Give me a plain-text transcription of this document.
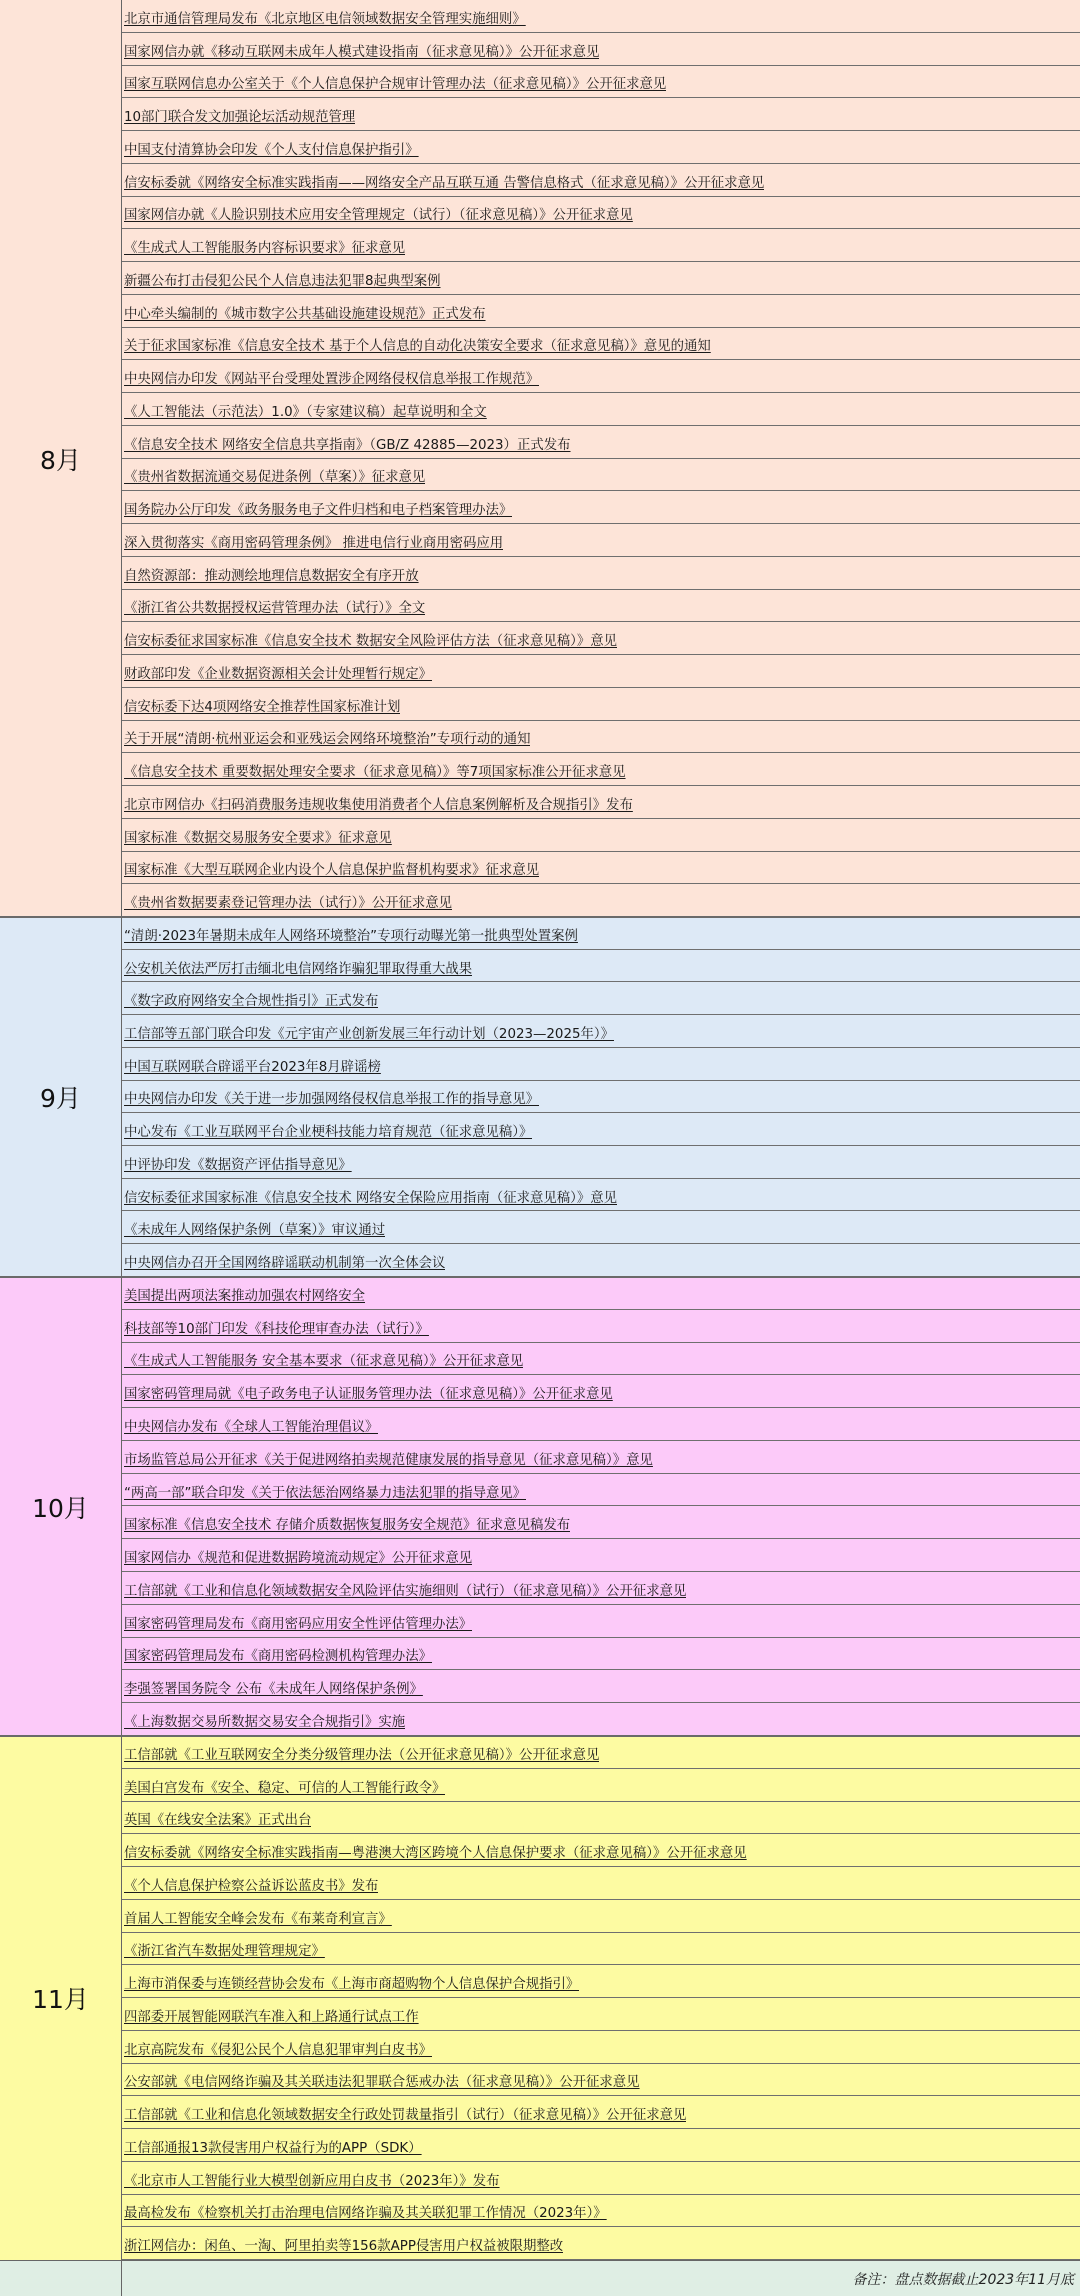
8月
北京市通信管理局发布《北京地区电信领域数据安全管理实施细则》
国家网信办就《移动互联网未成年人模式建设指南（征求意见稿）》公开征求意见
国家互联网信息办公室关于《个人信息保护合规审计管理办法（征求意见稿）》公开征求意见
10部门联合发文加强论坛活动规范管理
中国支付清算协会印发《个人支付信息保护指引》
信安标委就《网络安全标准实践指南——网络安全产品互联互通 告警信息格式（征求意见稿）》公开征求意见
国家网信办就《人脸识别技术应用安全管理规定（试行）（征求意见稿）》公开征求意见
《生成式人工智能服务内容标识要求》征求意见
新疆公布打击侵犯公民个人信息违法犯罪8起典型案例
中心牵头编制的《城市数字公共基础设施建设规范》正式发布
关于征求国家标准《信息安全技术 基于个人信息的自动化决策安全要求（征求意见稿）》意见的通知
中央网信办印发《网站平台受理处置涉企网络侵权信息举报工作规范》
《人工智能法（示范法）1.0》（专家建议稿）起草说明和全文
《信息安全技术 网络安全信息共享指南》（GB/Z 42885—2023）正式发布
《贵州省数据流通交易促进条例（草案）》征求意见
国务院办公厅印发《政务服务电子文件归档和电子档案管理办法》
深入贯彻落实《商用密码管理条例》 推进电信行业商用密码应用
自然资源部：推动测绘地理信息数据安全有序开放
《浙江省公共数据授权运营管理办法（试行）》全文
信安标委征求国家标准《信息安全技术 数据安全风险评估方法（征求意见稿）》意见
财政部印发《企业数据资源相关会计处理暂行规定》
信安标委下达4项网络安全推荐性国家标准计划
关于开展“清朗·杭州亚运会和亚残运会网络环境整治”专项行动的通知
《信息安全技术 重要数据处理安全要求（征求意见稿）》等7项国家标准公开征求意见
北京市网信办《扫码消费服务违规收集使用消费者个人信息案例解析及合规指引》发布
国家标准《数据交易服务安全要求》征求意见
国家标准《大型互联网企业内设个人信息保护监督机构要求》征求意见
《贵州省数据要素登记管理办法（试行）》公开征求意见
9月
“清朗·2023年暑期未成年人网络环境整治”专项行动曝光第一批典型处置案例
公安机关依法严厉打击缅北电信网络诈骗犯罪取得重大战果
《数字政府网络安全合规性指引》正式发布
工信部等五部门联合印发《元宇宙产业创新发展三年行动计划（2023—2025年）》
中国互联网联合辟谣平台2023年8月辟谣榜
中央网信办印发《关于进一步加强网络侵权信息举报工作的指导意见》
中心发布《工业互联网平台企业梗科技能力培育规范（征求意见稿）》
中评协印发《数据资产评估指导意见》
信安标委征求国家标准《信息安全技术 网络安全保险应用指南（征求意见稿）》意见
《未成年人网络保护条例（草案）》审议通过
中央网信办召开全国网络辟谣联动机制第一次全体会议
10月
美国提出两项法案推动加强农村网络安全
科技部等10部门印发《科技伦理审查办法（试行）》
《生成式人工智能服务 安全基本要求（征求意见稿）》公开征求意见
国家密码管理局就《电子政务电子认证服务管理办法（征求意见稿）》公开征求意见
中央网信办发布《全球人工智能治理倡议》
市场监管总局公开征求《关于促进网络拍卖规范健康发展的指导意见（征求意见稿）》意见
“两高一部”联合印发《关于依法惩治网络暴力违法犯罪的指导意见》
国家标准《信息安全技术 存储介质数据恢复服务安全规范》征求意见稿发布
国家网信办《规范和促进数据跨境流动规定》公开征求意见
工信部就《工业和信息化领域数据安全风险评估实施细则（试行）（征求意见稿）》公开征求意见
国家密码管理局发布《商用密码应用安全性评估管理办法》
国家密码管理局发布《商用密码检测机构管理办法》
李强签署国务院令 公布《未成年人网络保护条例》
《上海数据交易所数据交易安全合规指引》实施
11月
工信部就《工业互联网安全分类分级管理办法（公开征求意见稿）》公开征求意见
美国白宫发布《安全、稳定、可信的人工智能行政令》
英国《在线安全法案》正式出台
信安标委就《网络安全标准实践指南—粤港澳大湾区跨境个人信息保护要求（征求意见稿）》公开征求意见
《个人信息保护检察公益诉讼蓝皮书》发布
首届人工智能安全峰会发布《布莱奇利宣言》
《浙江省汽车数据处理管理规定》
上海市消保委与连锁经营协会发布《上海市商超购物个人信息保护合规指引》
四部委开展智能网联汽车准入和上路通行试点工作
北京高院发布《侵犯公民个人信息犯罪审判白皮书》
公安部就《电信网络诈骗及其关联违法犯罪联合惩戒办法（征求意见稿）》公开征求意见
工信部就《工业和信息化领域数据安全行政处罚裁量指引（试行）（征求意见稿）》公开征求意见
工信部通报13款侵害用户权益行为的APP（SDK）
《北京市人工智能行业大模型创新应用白皮书（2023年）》发布
最高检发布《检察机关打击治理电信网络诈骗及其关联犯罪工作情况（2023年）》
浙江网信办：闲鱼、一淘、阿里拍卖等156款APP侵害用户权益被限期整改
备注：盘点数据截止2023年11月底
